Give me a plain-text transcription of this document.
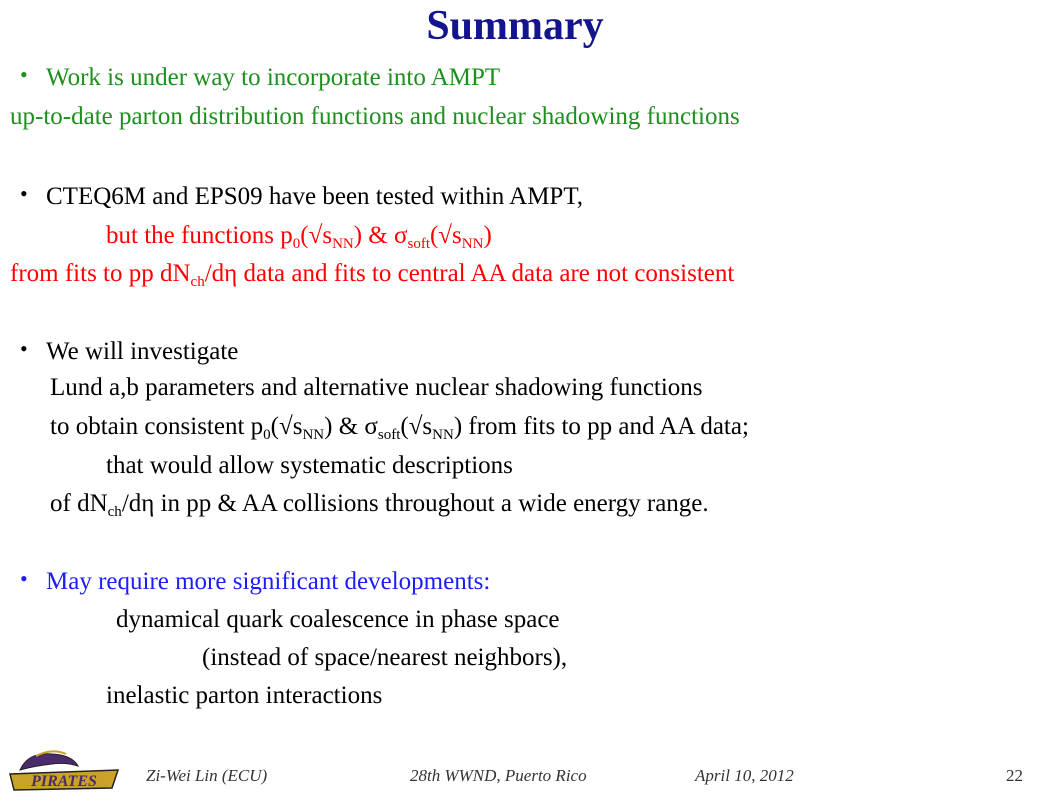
Summary
• Work is under way to incorporate into AMPT
up-to-date parton distribution functions and nuclear shadowing functions
• CTEQ6M and EPS09 have been tested within AMPT,
but the functions $p_0(√s_{NN})$ & $\sigma_{soft}(√s_{NN})$
from fits to pp $dN_{ch}/d\eta$ data and fits to central AA data are not consistent
• We will investigate
Lund a,b parameters and alternative nuclear shadowing functions
to obtain consistent $p_0(√s_{NN})$ & $\sigma_{soft}(√s_{NN})$ from fits to pp and AA data;
that would allow systematic descriptions
of $dN_{ch}/d\eta$ in pp & AA collisions throughout a wide energy range.
• May require more significant developments:
dynamical quark coalescence in phase space
(instead of space/nearest neighbors),
inelastic parton interactions
PIRATES	Zi-Wei Lin (ECU)	28th WWND, Puerto Rico	April 10, 2012	22
